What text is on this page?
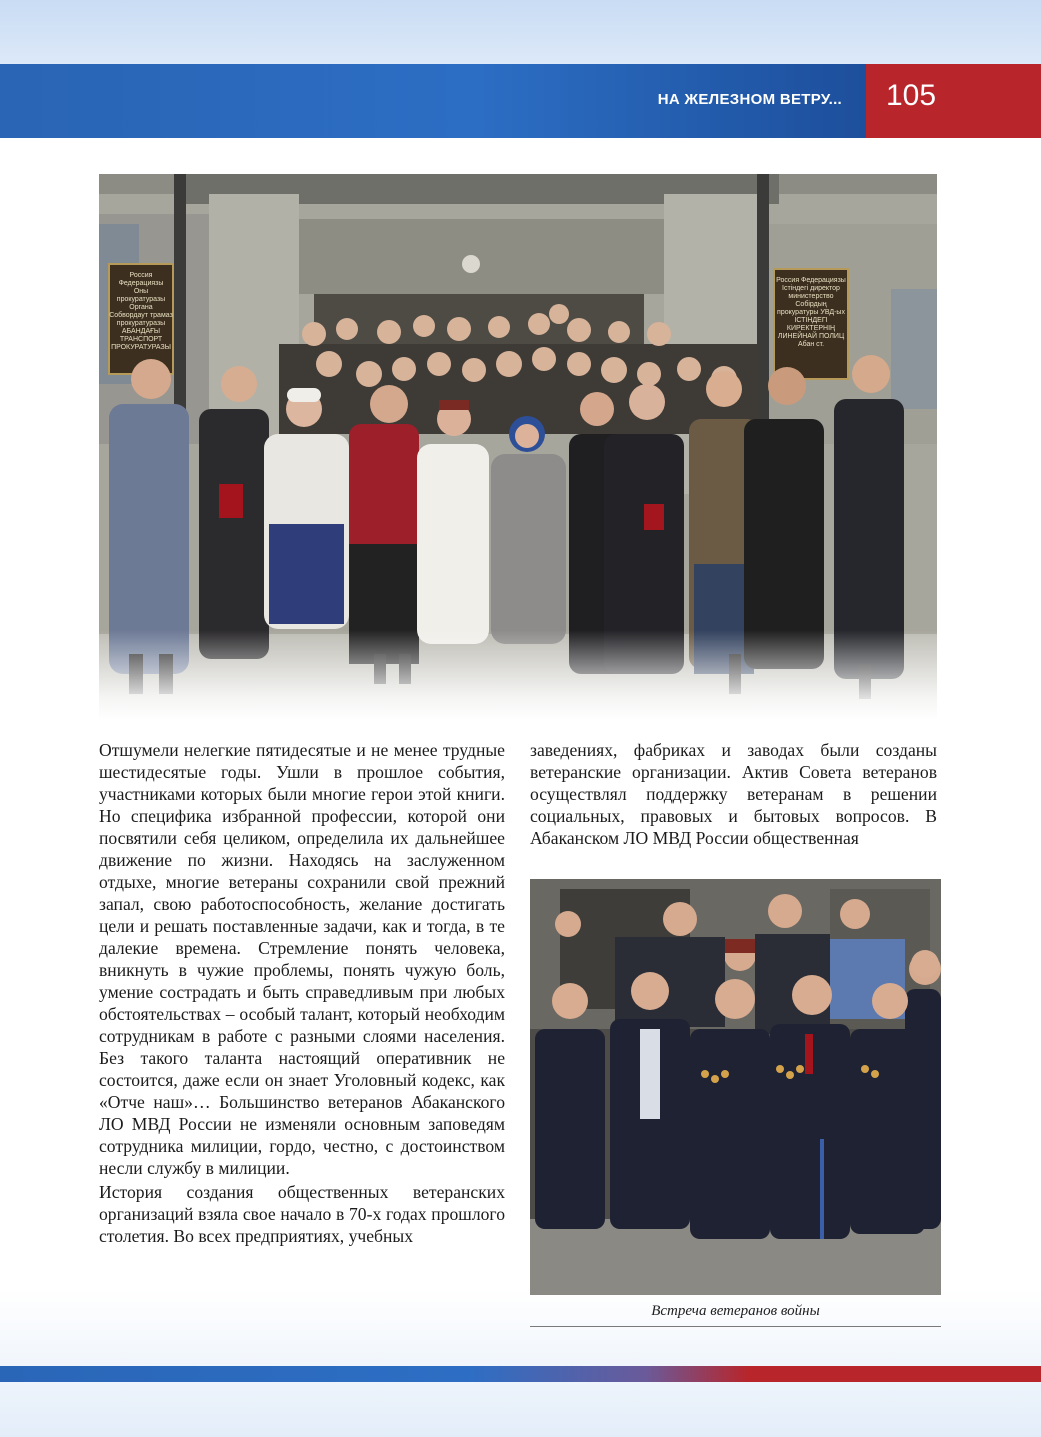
НА ЖЕЛЕЗНОМ ВЕТРУ... 105
Россия Федерациязы
Оны прокуратуразы
Органа Собвордаут трамаз
прокуратуразы
АБАНДАҒЫ
ТРАНСПОРТ
ПРОКУРАТУРАЗЫ
Россия Федерациязы
Істіндегі директор
министерство
Собірдың прокуратуры УВД-ых
ІСТІНДЕГІ
КИРЕКТЕРНІҢ
ЛИНЕЙНАЙ ПОЛИЦ
Абан ст.

Отшумели нелегкие пятидесятые и не менее трудные шестидесятые годы. Ушли в прошлое события, участниками которых были многие герои этой книги. Но специфика избранной профессии, которой они посвятили себя целиком, определила их дальнейшее движение по жизни. Находясь на заслуженном отдыхе, многие ветераны сохранили свой прежний запал, свою работоспособность, желание достигать цели и решать поставленные задачи, как и тогда, в те далекие времена. Стремление понять человека, вникнуть в чужие проблемы, понять чужую боль, умение сострадать и быть справедливым при любых обстоятельствах – особый талант, который необходим сотрудникам в работе с разными слоями населения. Без такого таланта настоящий оперативник не состоится, даже если он знает Уголовный кодекс, как «Отче наш»… Большинство ветеранов Абаканского ЛО МВД России не изменяли основным заповедям сотрудника милиции, гордо, честно, с достоинством несли службу в милиции.

История создания общественных ветеранских организаций взяла свое начало в 70-х годах прошлого столетия. Во всех предприятиях, учебных

заведениях, фабриках и заводах были созданы ветеранские организации. Актив Совета ветеранов осуществлял поддержку ветеранам в решении социальных, правовых и бытовых вопросов. В Абаканском ЛО МВД России общественная

Встреча ветеранов войны
